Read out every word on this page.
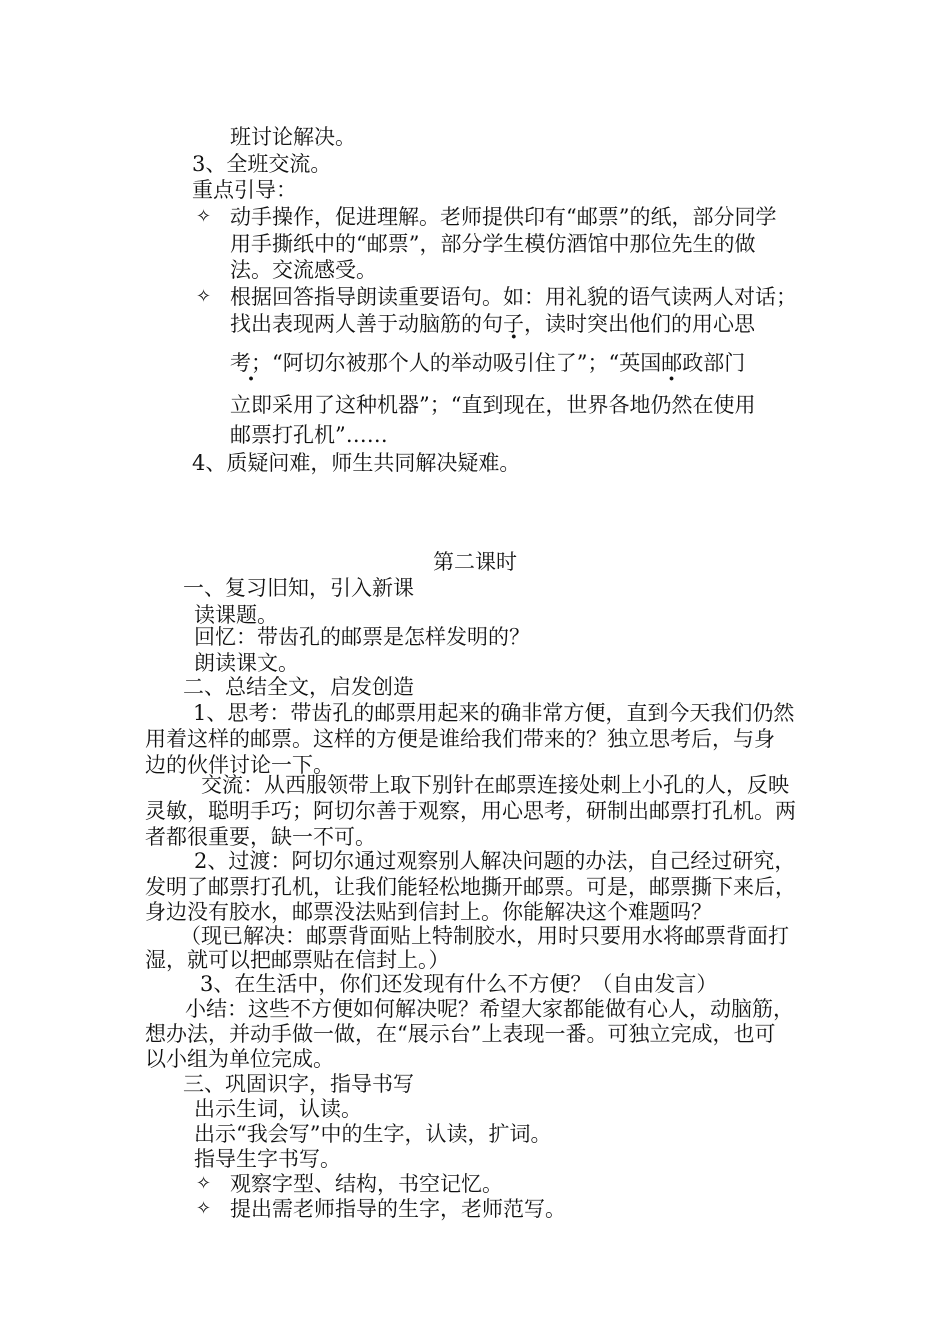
班讨论解决。
3、全班交流。
重点引导：
✧ 动手操作，促进理解。老师提供印有“邮票”的纸，部分同学
用手撕纸中的“邮票”，部分学生模仿酒馆中那位先生的做
法。交流感受。
✧ 根据回答指导朗读重要语句。如：用礼貌的语气读两人对话；
找出表现两人善于动脑筋的句子，读时突出他们的用心思
考；“阿切尔被那个人的举动吸引住了”；“英国邮政部门
立即采用了这种机器”；“直到现在，世界各地仍然在使用
邮票打孔机”……
4、质疑问难，师生共同解决疑难。
第二课时
一、复习旧知，引入新课
读课题。
回忆：带齿孔的邮票是怎样发明的？
朗读课文。
二、总结全文，启发创造
1、思考：带齿孔的邮票用起来的确非常方便，直到今天我们仍然
用着这样的邮票。这样的方便是谁给我们带来的？独立思考后，与身
边的伙伴讨论一下。
交流：从西服领带上取下别针在邮票连接处刺上小孔的人，反映
灵敏，聪明手巧；阿切尔善于观察，用心思考，研制出邮票打孔机。两
者都很重要，缺一不可。
2、过渡：阿切尔通过观察别人解决问题的办法，自己经过研究，
发明了邮票打孔机，让我们能轻松地撕开邮票。可是，邮票撕下来后，
身边没有胶水，邮票没法贴到信封上。你能解决这个难题吗？
（现已解决：邮票背面贴上特制胶水，用时只要用水将邮票背面打
湿，就可以把邮票贴在信封上。）
3、在生活中，你们还发现有什么不方便？（自由发言）
小结：这些不方便如何解决呢？希望大家都能做有心人，动脑筋，
想办法，并动手做一做，在“展示台”上表现一番。可独立完成，也可
以小组为单位完成。
三、巩固识字，指导书写
出示生词，认读。
出示“我会写”中的生字，认读，扩词。
指导生字书写。
✧ 观察字型、结构，书空记忆。
✧ 提出需老师指导的生字，老师范写。
